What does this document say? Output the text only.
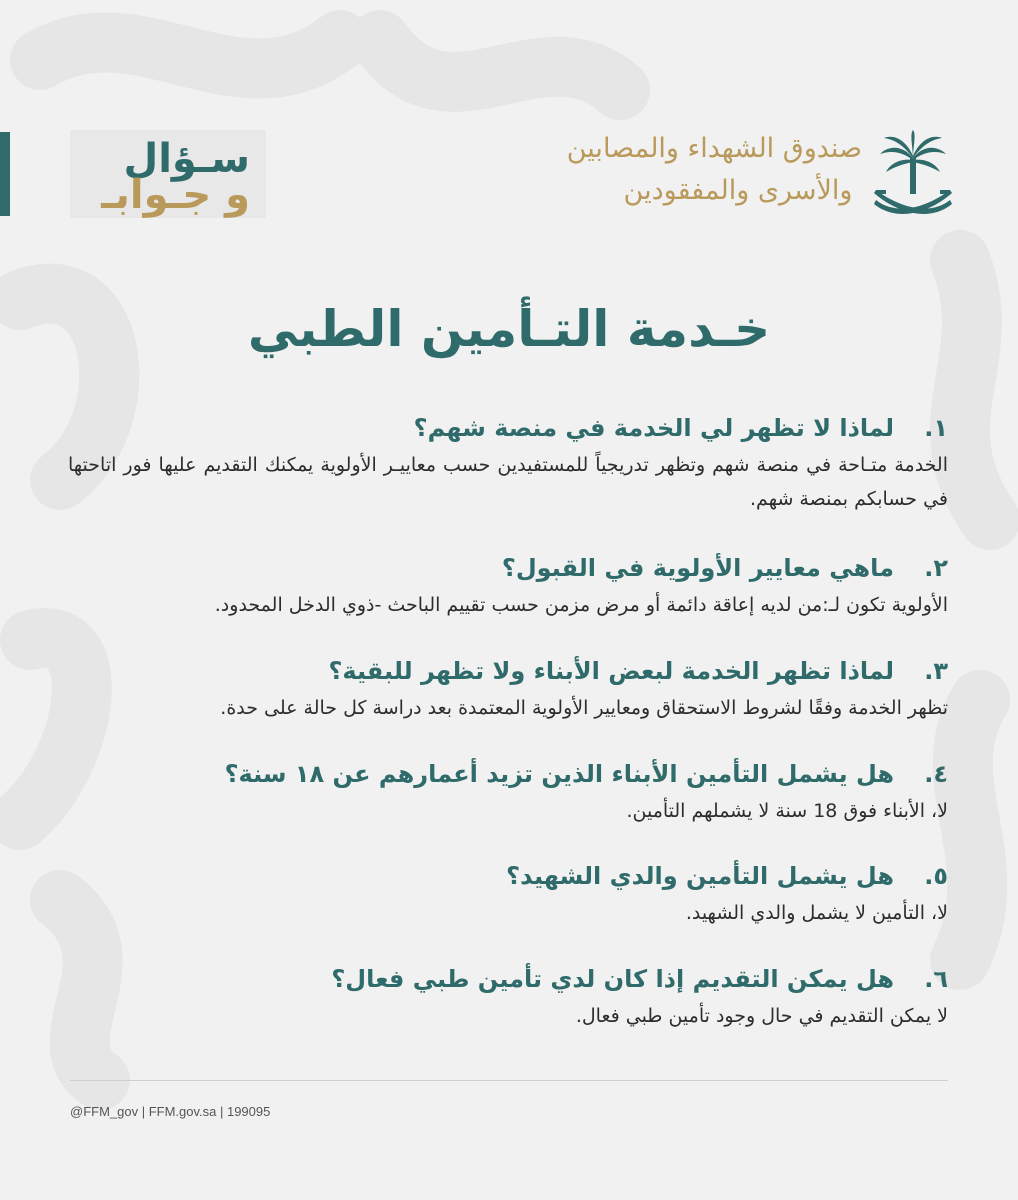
سـؤال
و جـوابـ
صندوق الشهداء والمصابين
والأسرى والمفقودين
خـدمة التـأمين الطبي
١.
لماذا لا تظهر لي الخدمة في منصة شهم؟
الخدمة متـاحة في منصة شهم وتظهر تدريجياً للمستفيدين حسب معاييـر الأولوية يمكنك التقديم عليها فور اتاحتها في حسابكم بمنصة شهم.
٢.
ماهي معايير الأولوية في القبول؟
الأولوية تكون لـ:من لديه إعاقة دائمة أو مرض مزمن حسب تقييم الباحث -ذوي الدخل المحدود.
٣.
لماذا تظهر الخدمة لبعض الأبناء ولا تظهر للبقية؟
تظهر الخدمة وفقًا لشروط الاستحقاق ومعايير الأولوية المعتمدة بعد دراسة كل حالة على حدة.
٤.
هل يشمل التأمين الأبناء الذين تزيد أعمارهم عن ١٨ سنة؟
لا، الأبناء فوق 18 سنة لا يشملهم التأمين.
٥.
هل يشمل التأمين والدي الشهيد؟
لا، التأمين لا يشمل والدي الشهيد.
٦.
هل يمكن التقديم إذا كان لدي تأمين طبي فعال؟
لا يمكن التقديم في حال وجود تأمين طبي فعال.
@FFM_gov | FFM.gov.sa | 199095
